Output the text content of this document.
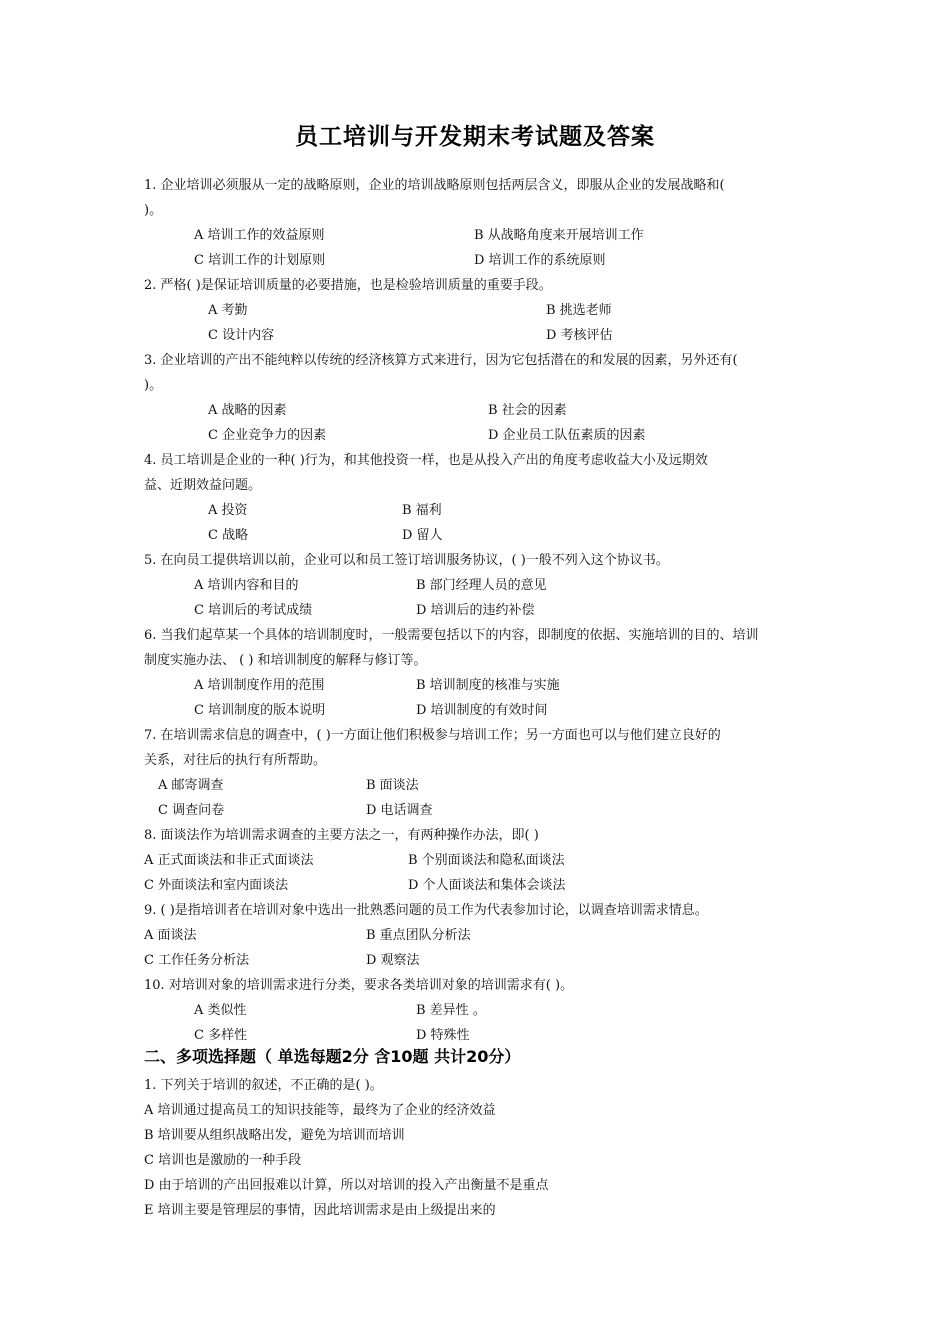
员工培训与开发期末考试题及答案
1. 企业培训必须服从一定的战略原则，企业的培训战略原则包括两层含义，即服从企业的发展战略和(
)。
A 培训工作的效益原则	B 从战略角度来开展培训工作
C 培训工作的计划原则	D 培训工作的系统原则
2. 严格( )是保证培训质量的必要措施，也是检验培训质量的重要手段。
A 考勤	B 挑选老师
C 设计内容	D 考核评估
3. 企业培训的产出不能纯粹以传统的经济核算方式来进行，因为它包括潜在的和发展的因素，另外还有(
)。
A 战略的因素	B 社会的因素
C 企业竞争力的因素	D 企业员工队伍素质的因素
4. 员工培训是企业的一种( )行为，和其他投资一样，也是从投入产出的角度考虑收益大小及远期效
益、近期效益问题。
A 投资	B 福利
C 战略	D 留人
5. 在向员工提供培训以前，企业可以和员工签订培训服务协议，( )一般不列入这个协议书。
A 培训内容和目的	B 部门经理人员的意见
C 培训后的考试成绩	D 培训后的违约补偿
6. 当我们起草某一个具体的培训制度时，一般需要包括以下的内容，即制度的依据、实施培训的目的、培训
制度实施办法、 ( ) 和培训制度的解释与修订等。
A 培训制度作用的范围	B 培训制度的核准与实施
C 培训制度的版本说明	D 培训制度的有效时间
7. 在培训需求信息的调查中，( )一方面让他们积极参与培训工作；另一方面也可以与他们建立良好的
关系，对往后的执行有所帮助。
A 邮寄调查	B 面谈法
C 调查问卷	D 电话调查
8. 面谈法作为培训需求调查的主要方法之一，有两种操作办法，即( )
A 正式面谈法和非正式面谈法	B 个别面谈法和隐私面谈法
C 外面谈法和室内面谈法	D 个人面谈法和集体会谈法
9. ( )是指培训者在培训对象中选出一批熟悉问题的员工作为代表参加讨论，以调查培训需求情息。
A 面谈法	B 重点团队分析法
C 工作任务分析法	D 观察法
10. 对培训对象的培训需求进行分类，要求各类培训对象的培训需求有( )。
A 类似性	B 差异性 。
C 多样性	D 特殊性
二、多项选择题（ 单选每题2分 含10题 共计20分）
1. 下列关于培训的叙述，不正确的是( )。
A 培训通过提高员工的知识技能等，最终为了企业的经济效益
B 培训要从组织战略出发，避免为培训而培训
C 培训也是激励的一种手段
D 由于培训的产出回报难以计算，所以对培训的投入产出衡量不是重点
E 培训主要是管理层的事情，因此培训需求是由上级提出来的
